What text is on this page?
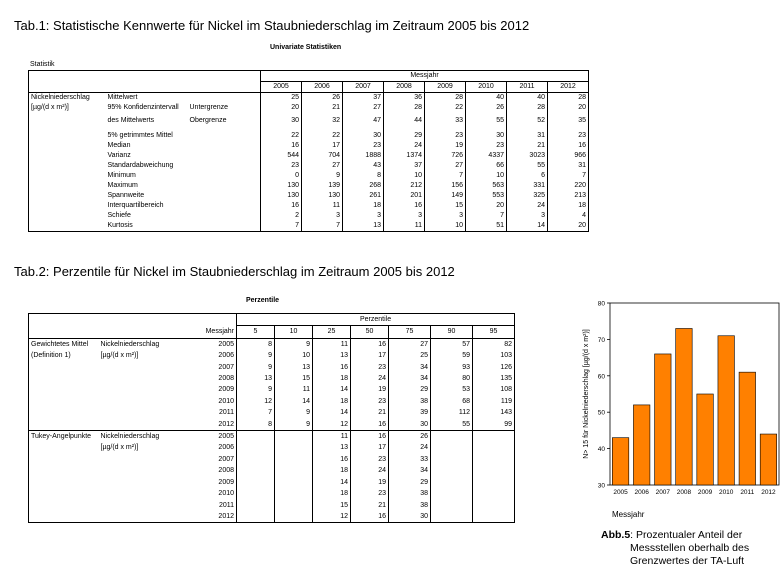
Tab.1: Statistische Kennwerte für Nickel im Staubniederschlag im Zeitraum 2005 bis 2012
Univariate Statistiken
Statistik
			Messjahr							
			2005	2006	2007	2008	2009	2010	2011	2012
Nickelniederschlag	Mittelwert		25	26	37	36	28	40	40	28
[µg/(d x m²)]	95% Konfidenzintervall	Untergrenze	20	21	27	28	22	26	28	20
	des Mittelwerts	Obergrenze	30	32	47	44	33	55	52	35
	5% getrimmtes Mittel		22	22	30	29	23	30	31	23
	Median		16	17	23	24	19	23	21	16
	Varianz		544	704	1888	1374	726	4337	3023	966
	Standardabweichung		23	27	43	37	27	66	55	31
	Minimum		0	9	8	10	7	10	6	7
	Maximum		130	139	268	212	156	563	331	220
	Spannweite		130	130	261	201	149	553	325	213
	Interquartilbereich		16	11	18	16	15	20	24	18
	Schiefe		2	3	3	3	3	7	3	4
	Kurtosis		7	7	13	11	10	51	14	20
Tab.2: Perzentile für Nickel im Staubniederschlag im Zeitraum 2005 bis 2012
Perzentile
			Perzentile						
		Messjahr	5	10	25	50	75	90	95
Gewichtetes Mittel	Nickelniederschlag	2005	8	9	11	16	27	57	82
(Definition 1)	[µg/(d x m²)]	2006	9	10	13	17	25	59	103
		2007	9	13	16	23	34	93	126
		2008	13	15	18	24	34	80	135
		2009	9	11	14	19	29	53	108
		2010	12	14	18	23	38	68	119
		2011	7	9	14	21	39	112	143
		2012	8	9	12	16	30	55	99
Tukey-Angelpunkte	Nickelniederschlag	2005			11	16	26		
	[µg/(d x m²)]	2006			13	17	24		
		2007			16	23	33		
		2008			18	24	34		
		2009			14	19	29		
		2010			18	23	38		
		2011			15	21	38		
		2012			12	16	30		
30
40
50
60
70
80
2005 2006 2007 2008 2009 2010 2011 2012
Messjahr
N> 15 für Nickelniederschlag [µg/(d x m²)]
Abb.5: Prozentualer Anteil der
Messstellen oberhalb des
Grenzwertes der TA-Luft
